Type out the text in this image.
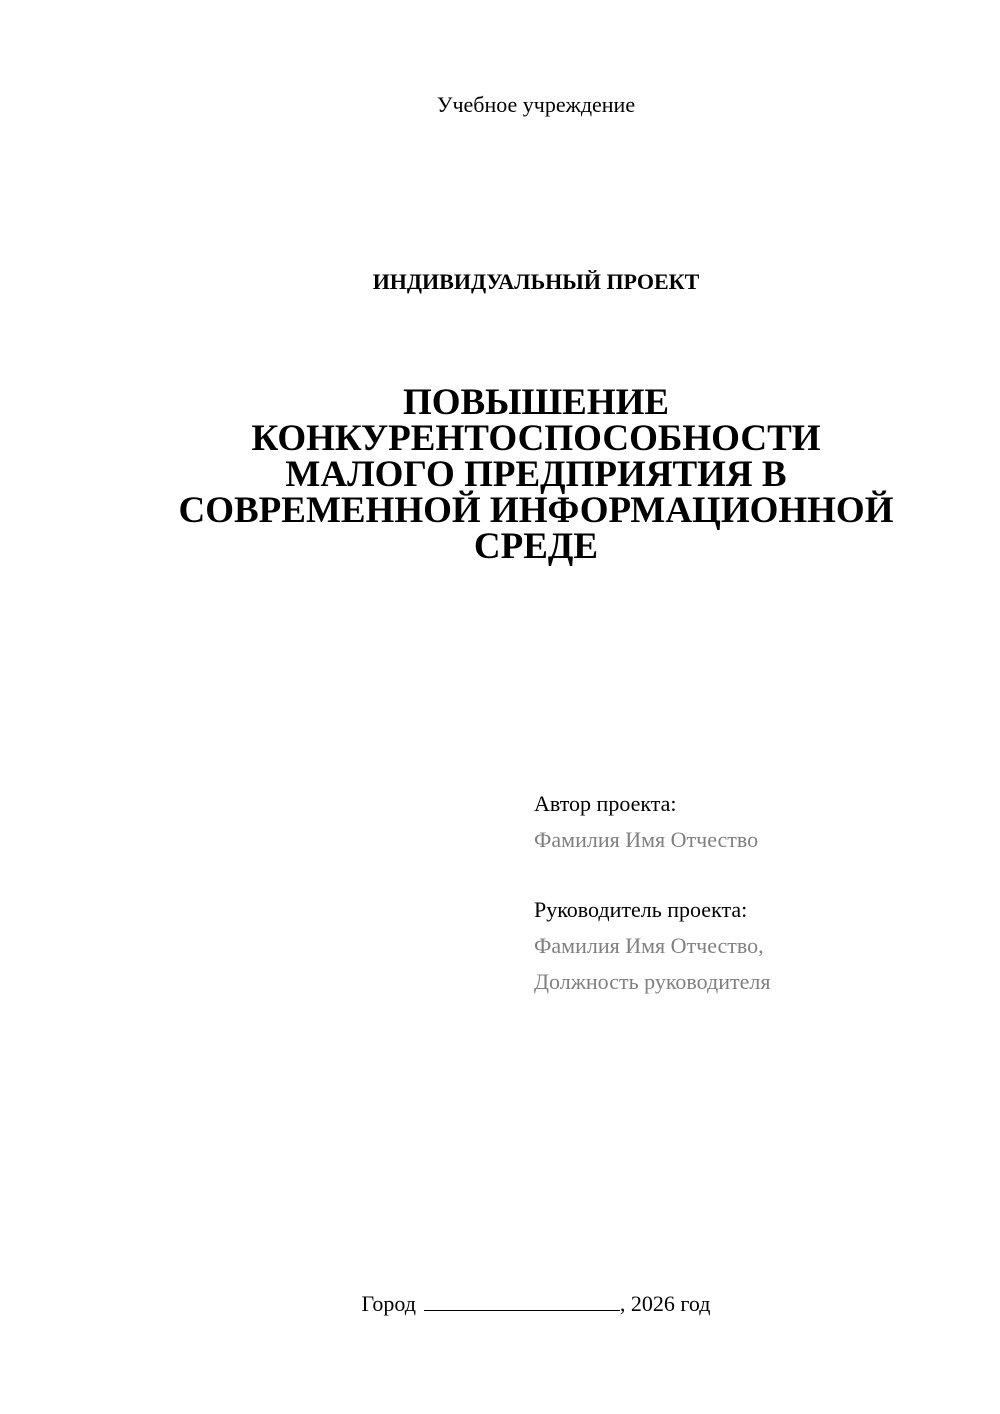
Учебное учреждение
ИНДИВИДУАЛЬНЫЙ ПРОЕКТ
ПОВЫШЕНИЕ
КОНКУРЕНТОСПОСОБНОСТИ
МАЛОГО ПРЕДПРИЯТИЯ В
СОВРЕМЕННОЙ ИНФОРМАЦИОННОЙ
СРЕДЕ
Автор проекта:
Фамилия Имя Отчество
Руководитель проекта:
Фамилия Имя Отчество,
Должность руководителя
Город	, 2026 год
